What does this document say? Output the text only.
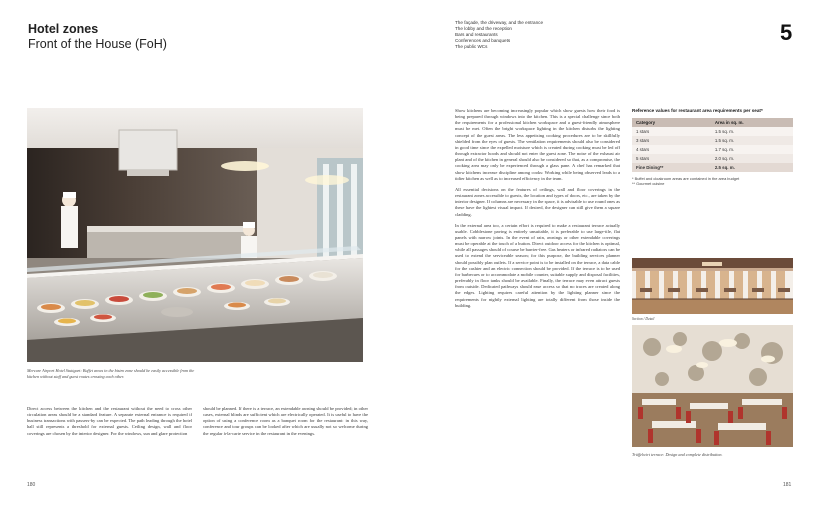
Hotel zones
Front of the House (FoH)
The façade, the driveway, and the entrance
The lobby and the reception
Bars and restaurants
Conferences and banquets
The public WCs
5
Mercure Airport Hotel Stuttgart: Buffet areas in the bistro zone should be easily accessible from the kitchen without staff and guest routes crossing each other.

Direct access between the kitchen and the restaurant without the need to cross other circulation areas should be a standard feature. A separate external entrance is required if business transactions with passers-by can be expected. The path leading through the hotel hall still represents a threshold for external guests. Ceiling design, wall and floor coverings are chosen by the interior designer. For the windows, sun and glare protection

should be planned. If there is a terrace, an extendable awning should be provided; in other cases, external blinds are sufficient which are electrically operated. It is useful to have the option of using a conference room as a banquet room for the restaurant: in this way, conference and tour groups can be looked after which are usually not so welcome during the regular à-la-carte service in the restaurant in the evenings.

180

Show kitchens are becoming increasingly popular which show guests how their food is being prepared through windows into the kitchen. This is a special challenge since both the requirements for a professional kitchen workspace and a guest-friendly atmosphere must be met. Often the bright workspace lighting in the kitchen disturbs the lighting concept of the guest areas. The less appetising cooking procedures are to be skillfully shielded from the eyes of guests. The ventilation requirements should also be considered in good time since the expelled moisture which is created during cooking must be led off through extractor hoods and should not enter the guest zone. The noise of the exhaust air plant and of the kitchen in general should also be considered so that, as a compromise, the cooking area may only be experienced through a glass pane. A chef has remarked that show kitchens increase discipline among cooks: Working while being observed leads to a tidier kitchen as well as to increased efficiency in the team.

All essential decisions on the features of ceilings, wall and floor coverings in the restaurant zones accessible to guests, the location and types of doors, etc., are taken by the interior designer. If columns are necessary in the space, it is advisable to use round ones as these have the lightest visual impact. If desired, the designer can still give them a square cladding.

In the external area too, a certain effort is required to make a restaurant terrace actually usable. Cobblestone paving is entirely unsuitable, it is preferable to use large-tile, flat panels with narrow joints. In the event of rain, awnings or other extendable coverings must be operable at the touch of a button. Direct outdoor access for the kitchen is optimal, while all passages should of course be barrier-free. Gas heaters or infrared radiators can be used to extend the serviceable season; for this purpose, the building services planner should possibly plan outlets. If a service point is to be installed on the terrace, a data cable for the cashier and an electric connection should be provided. If the terrace is to be used for barbecues or to accommodate a mobile counter, suitable supply and disposal facilities, preferably in floor tanks should be available. Finally, the terrace may even attract guests from outside. Dedicated pathways should ease access so that no traces are created along the edges. Lighting requires careful attention by the lighting planner since the requirements for nightly external lighting are totally different from those inside the building.

Reference values for restaurant area requirements per seat*
Category	Area in sq. m.
1 stars	1.5 sq. m.
3 stars	1.5 sq. m.
4 stars	1.7 sq. m.
5 stars	2.0 sq. m.
Fine Dining**	2.5 sq. m.
* Buffet and cloakroom areas are contained in the area budget
** Gourmet cuisine
Section / Detail
Trüffelwirt terrace: Design and complete distribution.
181
